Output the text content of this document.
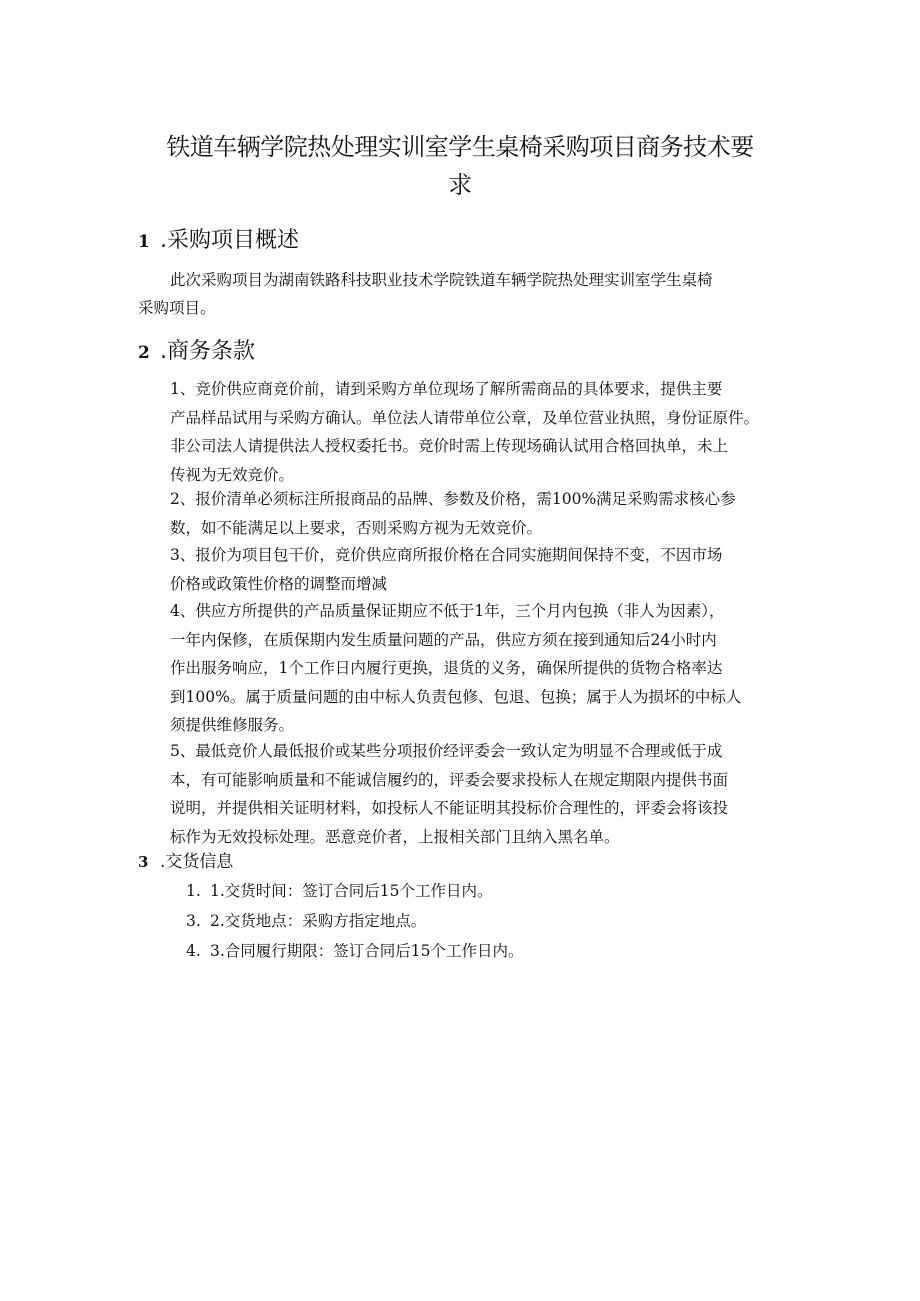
铁道车辆学院热处理实训室学生桌椅采购项目商务技术要
求
1 .采购项目概述
此次采购项目为湖南铁路科技职业技术学院铁道车辆学院热处理实训室学生桌椅
采购项目。
2 .商务条款
1、竞价供应商竞价前，请到采购方单位现场了解所需商品的具体要求，提供主要
产品样品试用与采购方确认。单位法人请带单位公章，及单位营业执照，身份证原件。
非公司法人请提供法人授权委托书。竞价时需上传现场确认试用合格回执单，未上
传视为无效竞价。
2、报价清单必须标注所报商品的品牌、参数及价格，需100%满足采购需求核心参
数，如不能满足以上要求，否则采购方视为无效竞价。
3、报价为项目包干价，竞价供应商所报价格在合同实施期间保持不变，不因市场
价格或政策性价格的调整而增减
4、供应方所提供的产品质量保证期应不低于1年，三个月内包换（非人为因素），
一年内保修，在质保期内发生质量问题的产品，供应方须在接到通知后24小时内
作出服务响应，1个工作日内履行更换，退货的义务，确保所提供的货物合格率达
到100%。属于质量问题的由中标人负责包修、包退、包换；属于人为损坏的中标人
须提供维修服务。
5、最低竞价人最低报价或某些分项报价经评委会一致认定为明显不合理或低于成
本，有可能影响质量和不能诚信履约的，评委会要求投标人在规定期限内提供书面
说明，并提供相关证明材料，如投标人不能证明其投标价合理性的，评委会将该投
标作为无效投标处理。恶意竞价者，上报相关部门且纳入黑名单。
3 .交货信息
1. 1.交货时间：签订合同后15个工作日内。
3. 2.交货地点：采购方指定地点。
4. 3.合同履行期限：签订合同后15个工作日内。
